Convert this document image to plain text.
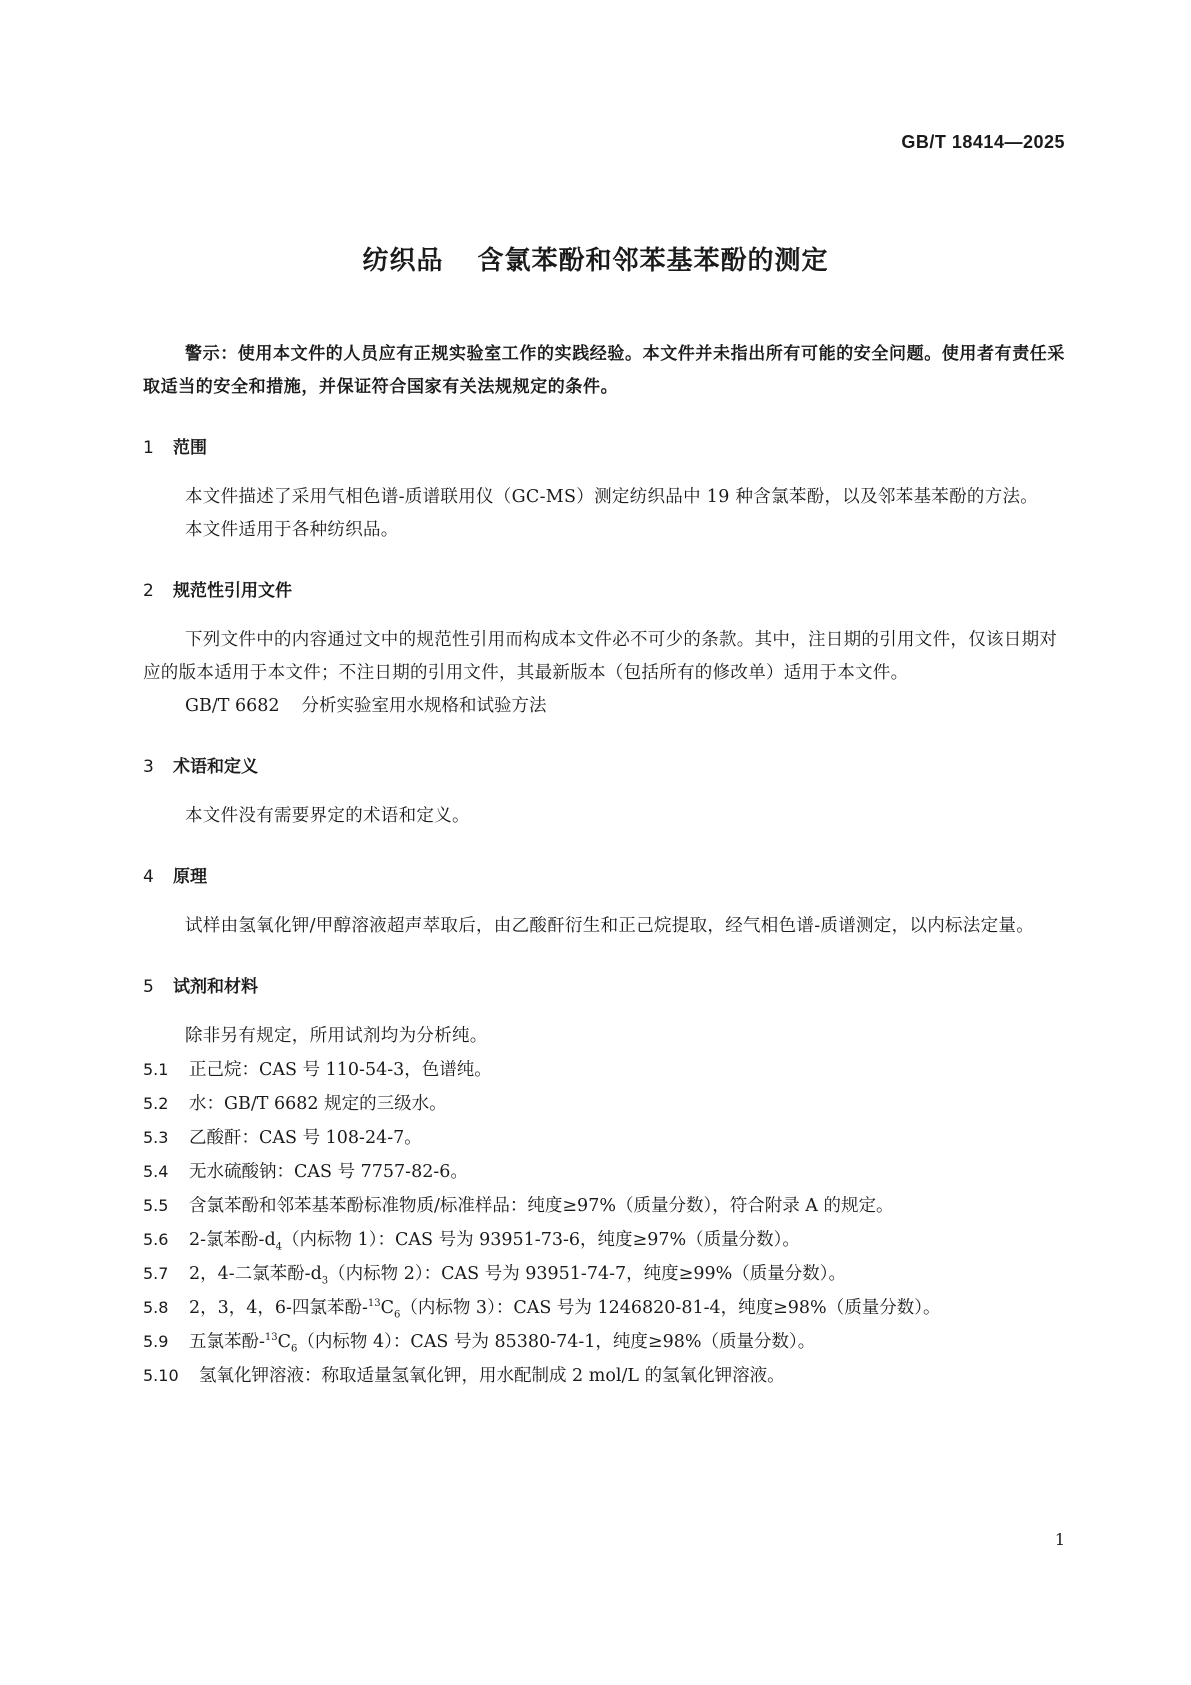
GB/T 18414—2025
纺织品 含氯苯酚和邻苯基苯酚的测定

警示：使用本文件的人员应有正规实验室工作的实践经验。本文件并未指出所有可能的安全问题。使用者有责任采取适当的安全和措施，并保证符合国家有关法规规定的条件。

1 范围

本文件描述了采用气相色谱-质谱联用仪（GC-MS）测定纺织品中 19 种含氯苯酚，以及邻苯基苯酚的方法。

本文件适用于各种纺织品。

2 规范性引用文件

下列文件中的内容通过文中的规范性引用而构成本文件必不可少的条款。其中，注日期的引用文件，仅该日期对应的版本适用于本文件；不注日期的引用文件，其最新版本（包括所有的修改单）适用于本文件。

GB/T 6682 分析实验室用水规格和试验方法

3 术语和定义

本文件没有需要界定的术语和定义。

4 原理

试样由氢氧化钾/甲醇溶液超声萃取后，由乙酸酐衍生和正己烷提取，经气相色谱-质谱测定，以内标法定量。

5 试剂和材料

除非另有规定，所用试剂均为分析纯。

5.1 正己烷：CAS 号 110-54-3，色谱纯。

5.2 水：GB/T 6682 规定的三级水。

5.3 乙酸酐：CAS 号 108-24-7。

5.4 无水硫酸钠：CAS 号 7757-82-6。

5.5 含氯苯酚和邻苯基苯酚标准物质/标准样品：纯度≥97%（质量分数），符合附录 A 的规定。

5.6 2-氯苯酚$-d_4$（内标物 1）：CAS 号为 93951-73-6，纯度≥97%（质量分数）。

5.7 2，4-二氯苯酚$-d_3$（内标物 2）：CAS 号为 93951-74-7，纯度≥99%（质量分数）。

5.8 2，3，4，6-四氯苯酚$-^{13}C_6$（内标物 3）：CAS 号为 1246820-81-4，纯度≥98%（质量分数）。

5.9 五氯苯酚$-^{13}C_6$（内标物 4）：CAS 号为 85380-74-1，纯度≥98%（质量分数）。

5.10 氢氧化钾溶液：称取适量氢氧化钾，用水配制成 2 mol/L 的氢氧化钾溶液。

1
